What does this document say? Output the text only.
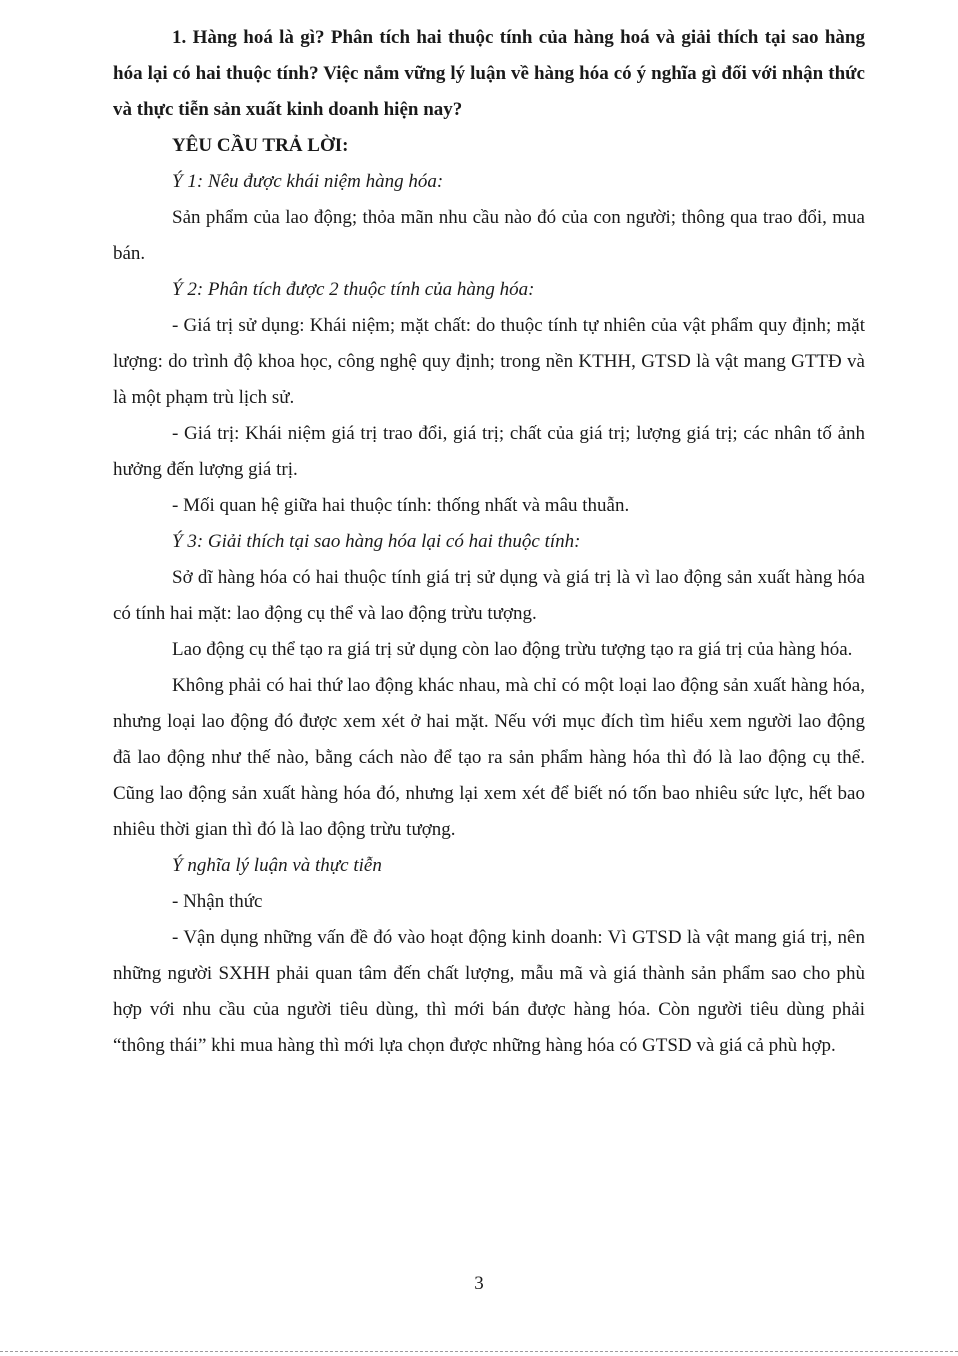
1. Hàng hoá là gì? Phân tích hai thuộc tính của hàng hoá và giải thích tại sao hàng hóa lại có hai thuộc tính? Việc nắm vững lý luận về hàng hóa có ý nghĩa gì đối với nhận thức và thực tiễn sản xuất kinh doanh hiện nay?

YÊU CẦU TRẢ LỜI:

Ý 1: Nêu được khái niệm hàng hóa:

Sản phẩm của lao động; thỏa mãn nhu cầu nào đó của con người; thông qua trao đổi, mua bán.

Ý 2: Phân tích được 2 thuộc tính của hàng hóa:

- Giá trị sử dụng: Khái niệm; mặt chất: do thuộc tính tự nhiên của vật phẩm quy định; mặt lượng: do trình độ khoa học, công nghệ quy định; trong nền KTHH, GTSD là vật mang GTTĐ và là một phạm trù lịch sử.

- Giá trị: Khái niệm giá trị trao đổi, giá trị; chất của giá trị; lượng giá trị; các nhân tố ảnh hưởng đến lượng giá trị.

- Mối quan hệ giữa hai thuộc tính: thống nhất và mâu thuẫn.

Ý 3: Giải thích tại sao hàng hóa lại có hai thuộc tính:

Sở dĩ hàng hóa có hai thuộc tính giá trị sử dụng và giá trị là vì lao động sản xuất hàng hóa có tính hai mặt: lao động cụ thể và lao động trừu tượng.

Lao động cụ thể tạo ra giá trị sử dụng còn lao động trừu tượng tạo ra giá trị của hàng hóa.

Không phải có hai thứ lao động khác nhau, mà chỉ có một loại lao động sản xuất hàng hóa, nhưng loại lao động đó được xem xét ở hai mặt. Nếu với mục đích tìm hiểu xem người lao động đã lao động như thế nào, bằng cách nào để tạo ra sản phẩm hàng hóa thì đó là lao động cụ thể. Cũng lao động sản xuất hàng hóa đó, nhưng lại xem xét để biết nó tốn bao nhiêu sức lực, hết bao nhiêu thời gian thì đó là lao động trừu tượng.

Ý nghĩa lý luận và thực tiễn

- Nhận thức

- Vận dụng những vấn đề đó vào hoạt động kinh doanh: Vì GTSD là vật mang giá trị, nên những người SXHH phải quan tâm đến chất lượng, mẫu mã và giá thành sản phẩm sao cho phù hợp với nhu cầu của người tiêu dùng, thì mới bán được hàng hóa. Còn người tiêu dùng phải “thông thái” khi mua hàng thì mới lựa chọn được những hàng hóa có GTSD và giá cả phù hợp.

3
